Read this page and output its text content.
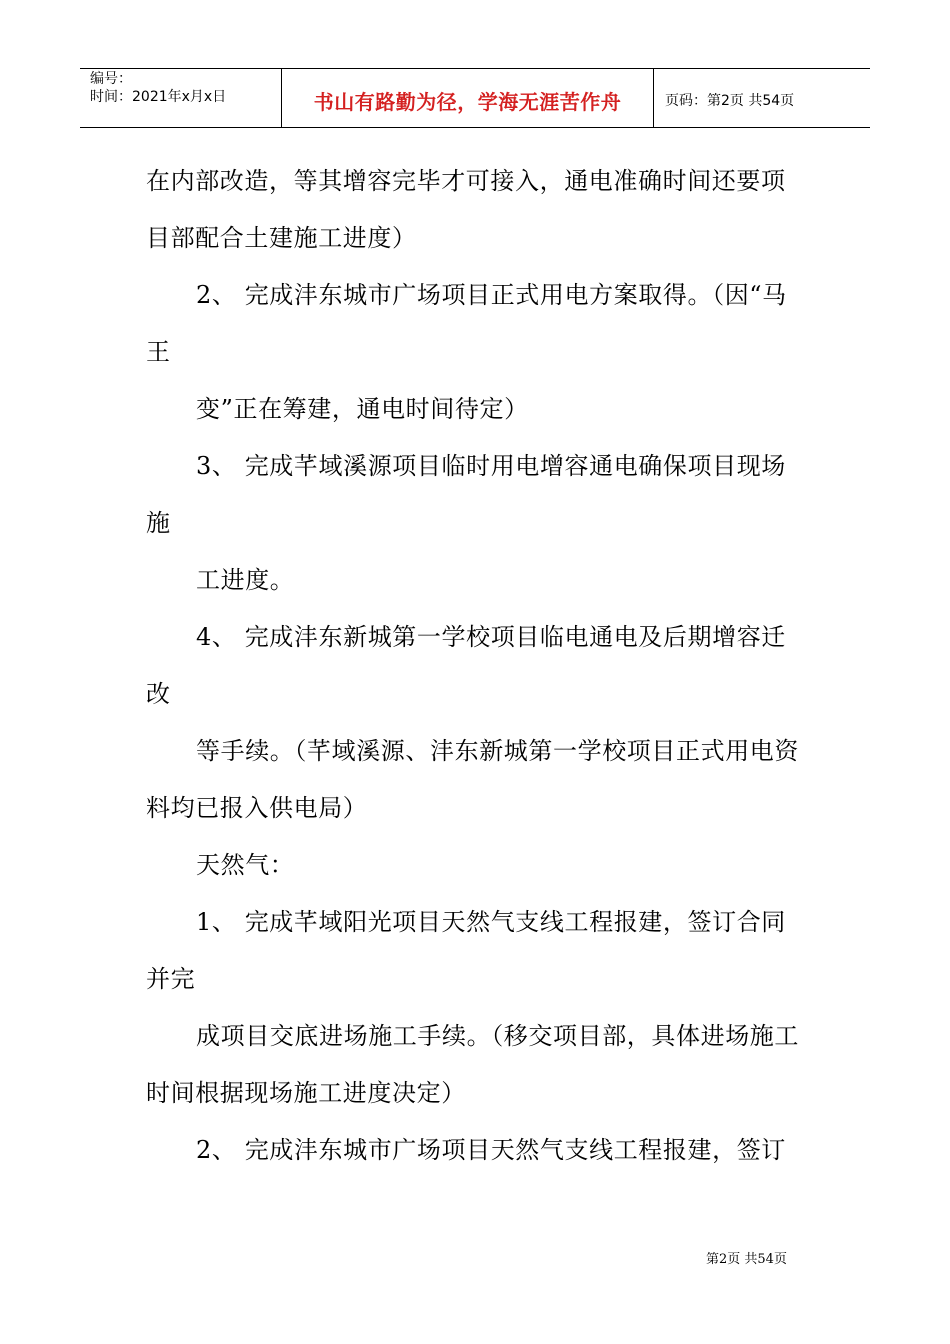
编号：
时间：2021年x月x日	书山有路勤为径，学海无涯苦作舟	页码：第2页 共54页
在内部改造，等其增容完毕才可接入，通电准确时间还要项
目部配合土建施工进度）
2、 完成沣东城市广场项目正式用电方案取得。（因“马
王
变”正在筹建，通电时间待定）
3、 完成芊域溪源项目临时用电增容通电确保项目现场
施
工进度。
4、 完成沣东新城第一学校项目临电通电及后期增容迁
改
等手续。（芊域溪源、沣东新城第一学校项目正式用电资
料均已报入供电局）
天然气：
1、 完成芊域阳光项目天然气支线工程报建，签订合同
并完
成项目交底进场施工手续。（移交项目部，具体进场施工
时间根据现场施工进度决定）
2、 完成沣东城市广场项目天然气支线工程报建，签订
第2页 共54页
